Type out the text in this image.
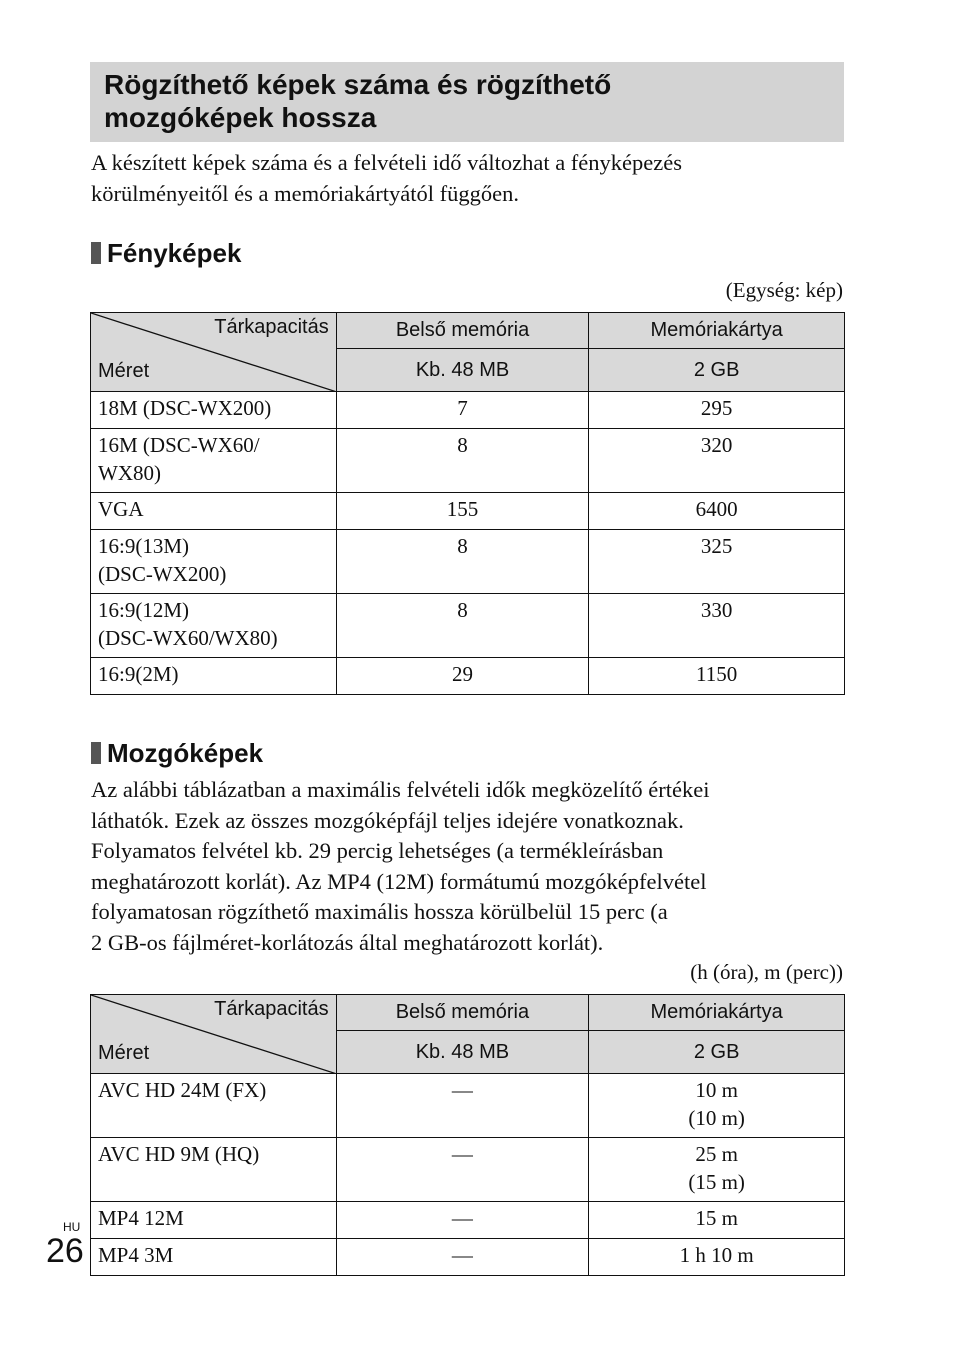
Rögzíthető képek száma és rögzíthető
mozgóképek hossza
A készített képek száma és a felvételi idő változhat a fényképezés
körülményeitől és a memóriakártyától függően.
Fényképek
(Egység: kép)
Tárkapacitás
Méret	Belső memória	Memóriakártya
	Kb. 48 MB	2 GB

18M (DSC-WX200)	7	295

16M (DSC-WX60/
WX80)	8	320

VGA	155	6400

16:9(13M)
(DSC-WX200)	8	325

16:9(12M)
(DSC-WX60/WX80)	8	330

16:9(2M)	29	1150
Mozgóképek
Az alábbi táblázatban a maximális felvételi idők megközelítő értékei
láthatók. Ezek az összes mozgóképfájl teljes idejére vonatkoznak.
Folyamatos felvétel kb. 29 percig lehetséges (a termékleírásban
meghatározott korlát). Az MP4 (12M) formátumú mozgóképfelvétel
folyamatosan rögzíthető maximális hossza körülbelül 15 perc (a
2 GB-os fájlméret-korlátozás által meghatározott korlát).
(h (óra), m (perc))
Tárkapacitás
Méret	Belső memória	Memóriakártya
	Kb. 48 MB	2 GB
AVC HD 24M (FX)	—	10 m
(10 m)

AVC HD 9M (HQ)	—	25 m
(15 m)

MP4 12M	—	15 m

MP4 3M	—	1 h 10 m
HU
26
